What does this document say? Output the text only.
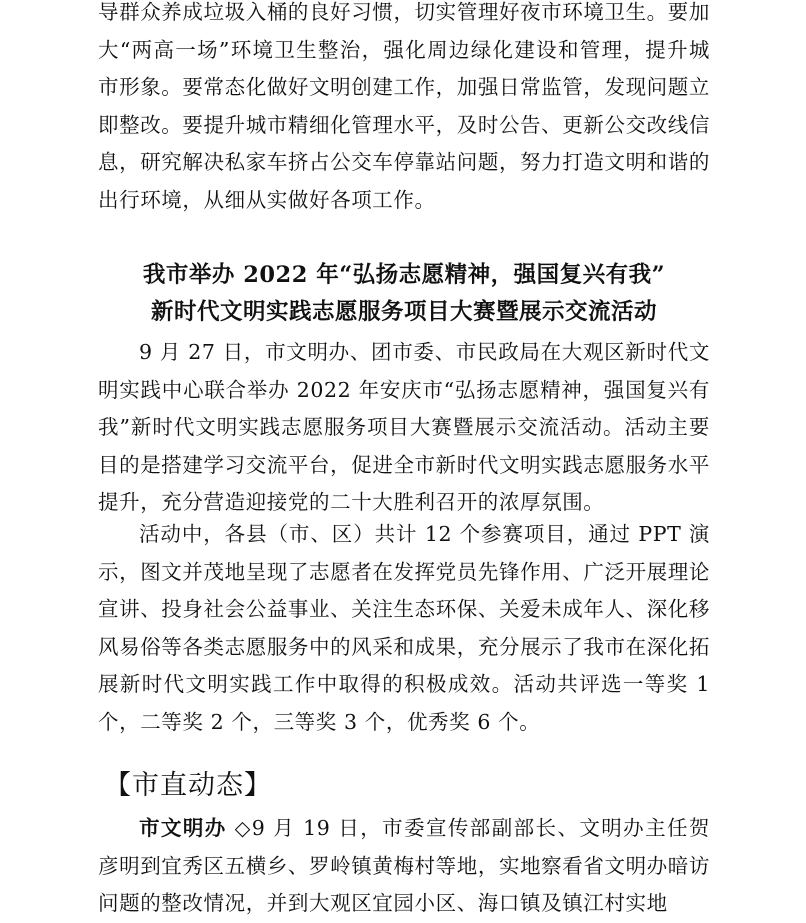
导群众养成垃圾入桶的良好习惯，切实管理好夜市环境卫生。要加大“两高一场”环境卫生整治，强化周边绿化建设和管理，提升城市形象。要常态化做好文明创建工作，加强日常监管，发现问题立即整改。要提升城市精细化管理水平，及时公告、更新公交改线信息，研究解决私家车挤占公交车停靠站问题，努力打造文明和谐的出行环境，从细从实做好各项工作。

我市举办 2022 年“弘扬志愿精神，强国复兴有我”
新时代文明实践志愿服务项目大赛暨展示交流活动

9 月 27 日，市文明办、团市委、市民政局在大观区新时代文明实践中心联合举办 2022 年安庆市“弘扬志愿精神，强国复兴有我”新时代文明实践志愿服务项目大赛暨展示交流活动。活动主要目的是搭建学习交流平台，促进全市新时代文明实践志愿服务水平提升，充分营造迎接党的二十大胜利召开的浓厚氛围。

活动中，各县（市、区）共计 12 个参赛项目，通过 PPT 演示，图文并茂地呈现了志愿者在发挥党员先锋作用、广泛开展理论宣讲、投身社会公益事业、关注生态环保、关爱未成年人、深化移风易俗等各类志愿服务中的风采和成果，充分展示了我市在深化拓展新时代文明实践工作中取得的积极成效。活动共评选一等奖 1 个，二等奖 2 个，三等奖 3 个，优秀奖 6 个。

【市直动态】

市文明办 ◇9 月 19 日，市委宣传部副部长、文明办主任贺彦明到宜秀区五横乡、罗岭镇黄梅村等地，实地察看省文明办暗访问题的整改情况，并到大观区宜园小区、海口镇及镇江村实地
